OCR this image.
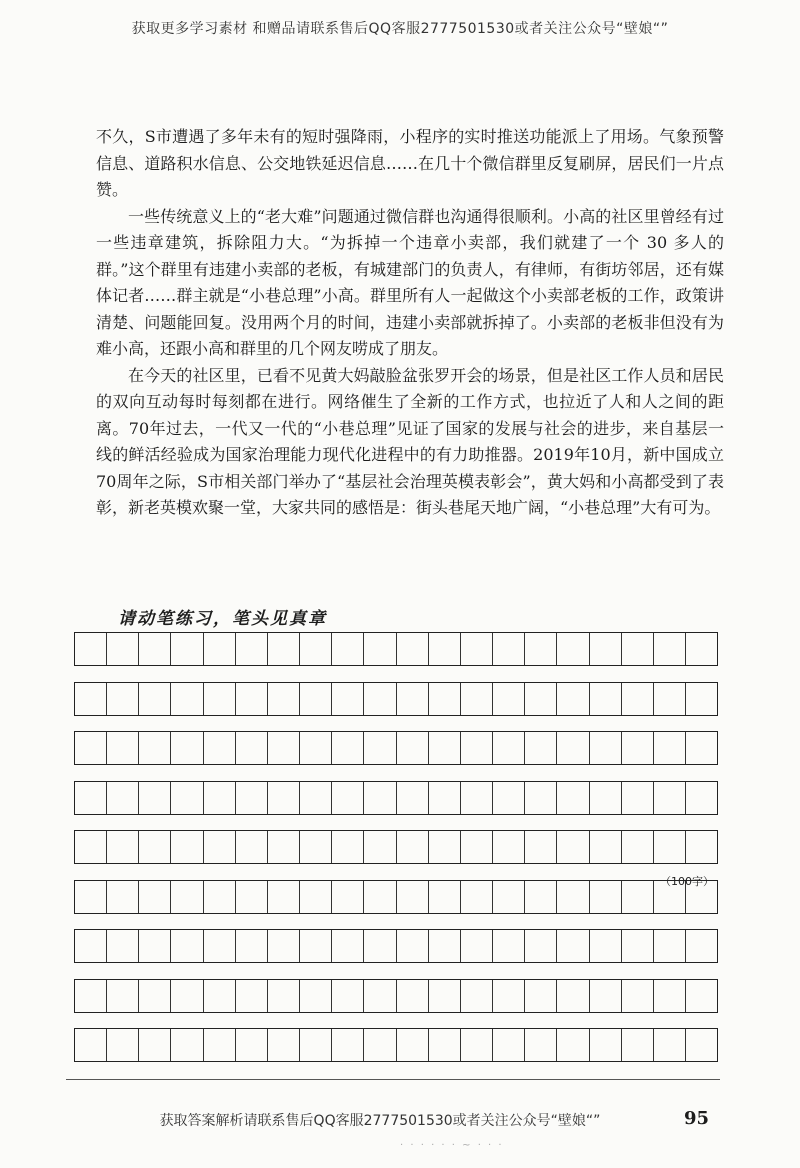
获取更多学习素材 和赠品请联系售后QQ客服2777501530或者关注公众号“壁娘“”

不久，S市遭遇了多年未有的短时强降雨，小程序的实时推送功能派上了用场。气象预警信息、道路积水信息、公交地铁延迟信息……在几十个微信群里反复刷屏，居民们一片点赞。

一些传统意义上的“老大难”问题通过微信群也沟通得很顺利。小高的社区里曾经有过一些违章建筑，拆除阻力大。“为拆掉一个违章小卖部，我们就建了一个 30 多人的群。”这个群里有违建小卖部的老板，有城建部门的负责人，有律师，有街坊邻居，还有媒体记者……群主就是“小巷总理”小高。群里所有人一起做这个小卖部老板的工作，政策讲清楚、问题能回复。没用两个月的时间，违建小卖部就拆掉了。小卖部的老板非但没有为难小高，还跟小高和群里的几个网友唠成了朋友。

在今天的社区里，已看不见黄大妈敲脸盆张罗开会的场景，但是社区工作人员和居民的双向互动每时每刻都在进行。网络催生了全新的工作方式，也拉近了人和人之间的距离。70年过去，一代又一代的“小巷总理”见证了国家的发展与社会的进步，来自基层一线的鲜活经验成为国家治理能力现代化进程中的有力助推器。2019年10月，新中国成立70周年之际，S市相关部门举办了“基层社会治理英模表彰会”，黄大妈和小高都受到了表彰，新老英模欢聚一堂，大家共同的感悟是：街头巷尾天地广阔，“小巷总理”大有可为。

请动笔练习，笔头见真章
（100字）
获取答案解析请联系售后QQ客服2777501530或者关注公众号“壁娘“”	95
· · · · · · ~ · · ·
